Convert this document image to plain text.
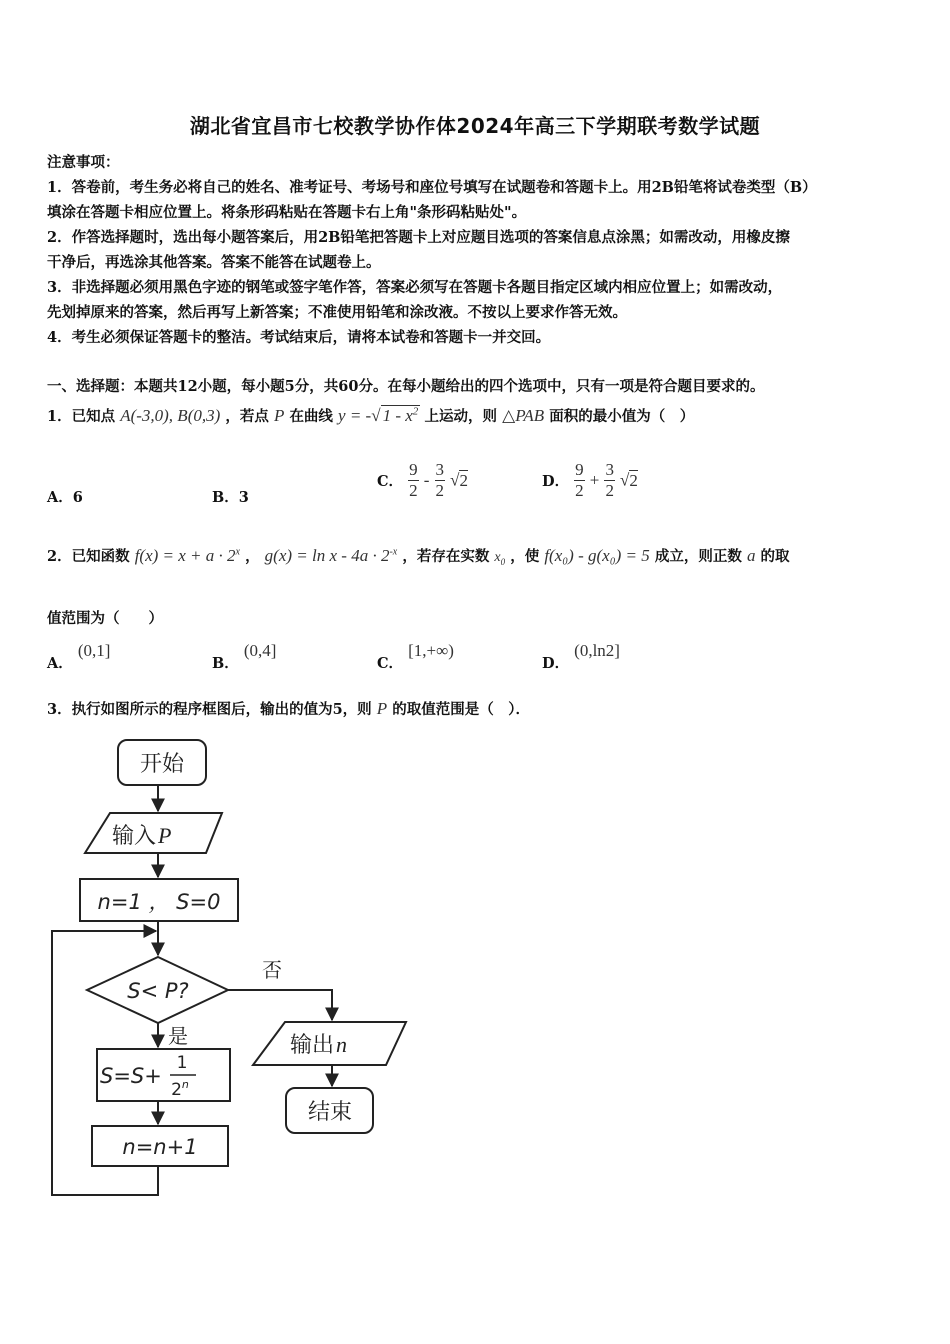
湖北省宜昌市七校教学协作体2024年高三下学期联考数学试题
注意事项：
1．答卷前，考生务必将自己的姓名、准考证号、考场号和座位号填写在试题卷和答题卡上。用2B铅笔将试卷类型（B）
填涂在答题卡相应位置上。将条形码粘贴在答题卡右上角"条形码粘贴处"。
2．作答选择题时，选出每小题答案后，用2B铅笔把答题卡上对应题目选项的答案信息点涂黑；如需改动，用橡皮擦
干净后，再选涂其他答案。答案不能答在试题卷上。
3．非选择题必须用黑色字迹的钢笔或签字笔作答，答案必须写在答题卡各题目指定区域内相应位置上；如需改动，
先划掉原来的答案，然后再写上新答案；不准使用铅笔和涂改液。不按以上要求作答无效。
4．考生必须保证答题卡的整洁。考试结束后，请将本试卷和答题卡一并交回。
一、选择题：本题共12小题，每小题5分，共60分。在每小题给出的四个选项中，只有一项是符合题目要求的。
1．已知点 A(-3,0), B(0,3) ，若点 P 在曲线 y = -√ $1 - x^2$ 上运动，则 △PAB 面积的最小值为（　）
A．6	B．3
C． $\frac{9}{2} - \frac{3}{2} √2$	D． $\frac{9}{2} + \frac{3}{2} √2$
2．已知函数 $f(x) = x + a \cdot 2^x$ ， $g(x) = \ln x - 4a \cdot 2^{-x}$ ，若存在实数 $x_0$ ，使 f(x₀) - g(x₀) = 5 成立，则正数 a 的取
值范围为（　　）
A． (0,1]
B． (0,4]
C． [1,+∞)
D． (0,ln2]
3．执行如图所示的程序框图后，输出的值为5，则 P 的取值范围是（　）．
开始
输入P
n=1 ， S=0
S< P?
否
是
S=S+
1
2$^n$
n=n+1
输出n
结束
